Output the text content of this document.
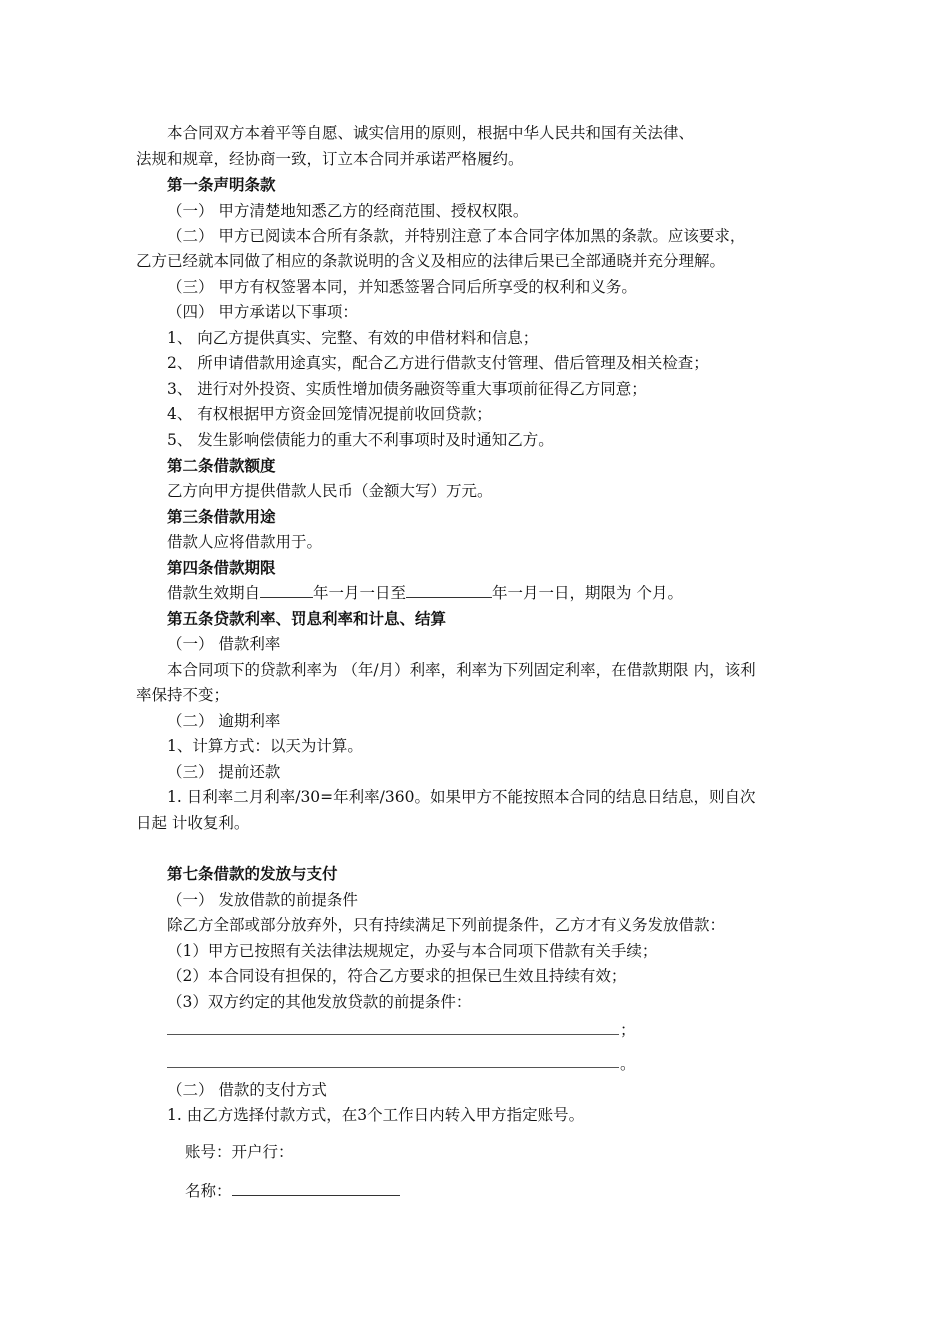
本合同双方本着平等自愿、诚实信用的原则，根据中华人民共和国有关法律、
法规和规章，经协商一致，订立本合同并承诺严格履约。
第一条声明条款
（一） 甲方清楚地知悉乙方的经商范围、授权权限。
（二） 甲方已阅读本合所有条款，并特别注意了本合同字体加黑的条款。应该要求，
乙方已经就本同做了相应的条款说明的含义及相应的法律后果已全部通晓并充分理解。
（三） 甲方有权签署本同，并知悉签署合同后所享受的权利和义务。
（四） 甲方承诺以下事项：
1、 向乙方提供真实、完整、有效的申借材料和信息；
2、 所申请借款用途真实，配合乙方进行借款支付管理、借后管理及相关检查；
3、 进行对外投资、实质性增加债务融资等重大事项前征得乙方同意；
4、 有权根据甲方资金回笼情况提前收回贷款；
5、 发生影响偿债能力的重大不利事项时及时通知乙方。
第二条借款额度
乙方向甲方提供借款人民币（金额大写）万元。
第三条借款用途
借款人应将借款用于。
第四条借款期限
借款生效期自	年一月一日至	年一月一日，期限为 个月。
第五条贷款利率、罚息利率和计息、结算
（一） 借款利率
本合同项下的贷款利率为 （年/月）利率，利率为下列固定利率，在借款期限 内，该利
率保持不变；
（二） 逾期利率
1、计算方式：以天为计算。
（三） 提前还款
1. 日利率二月利率/30=年利率/360。如果甲方不能按照本合同的结息日结息，则自次
日起 计收复利。
第七条借款的发放与支付
（一） 发放借款的前提条件
除乙方全部或部分放弃外，只有持续满足下列前提条件，乙方才有义务发放借款：
（1）甲方已按照有关法律法规规定，办妥与本合同项下借款有关手续；
（2）本合同设有担保的，符合乙方要求的担保已生效且持续有效；
（3）双方约定的其他发放贷款的前提条件：
；
。
（二） 借款的支付方式
1. 由乙方选择付款方式，在3个工作日内转入甲方指定账号。
账号：开户行：
名称：
